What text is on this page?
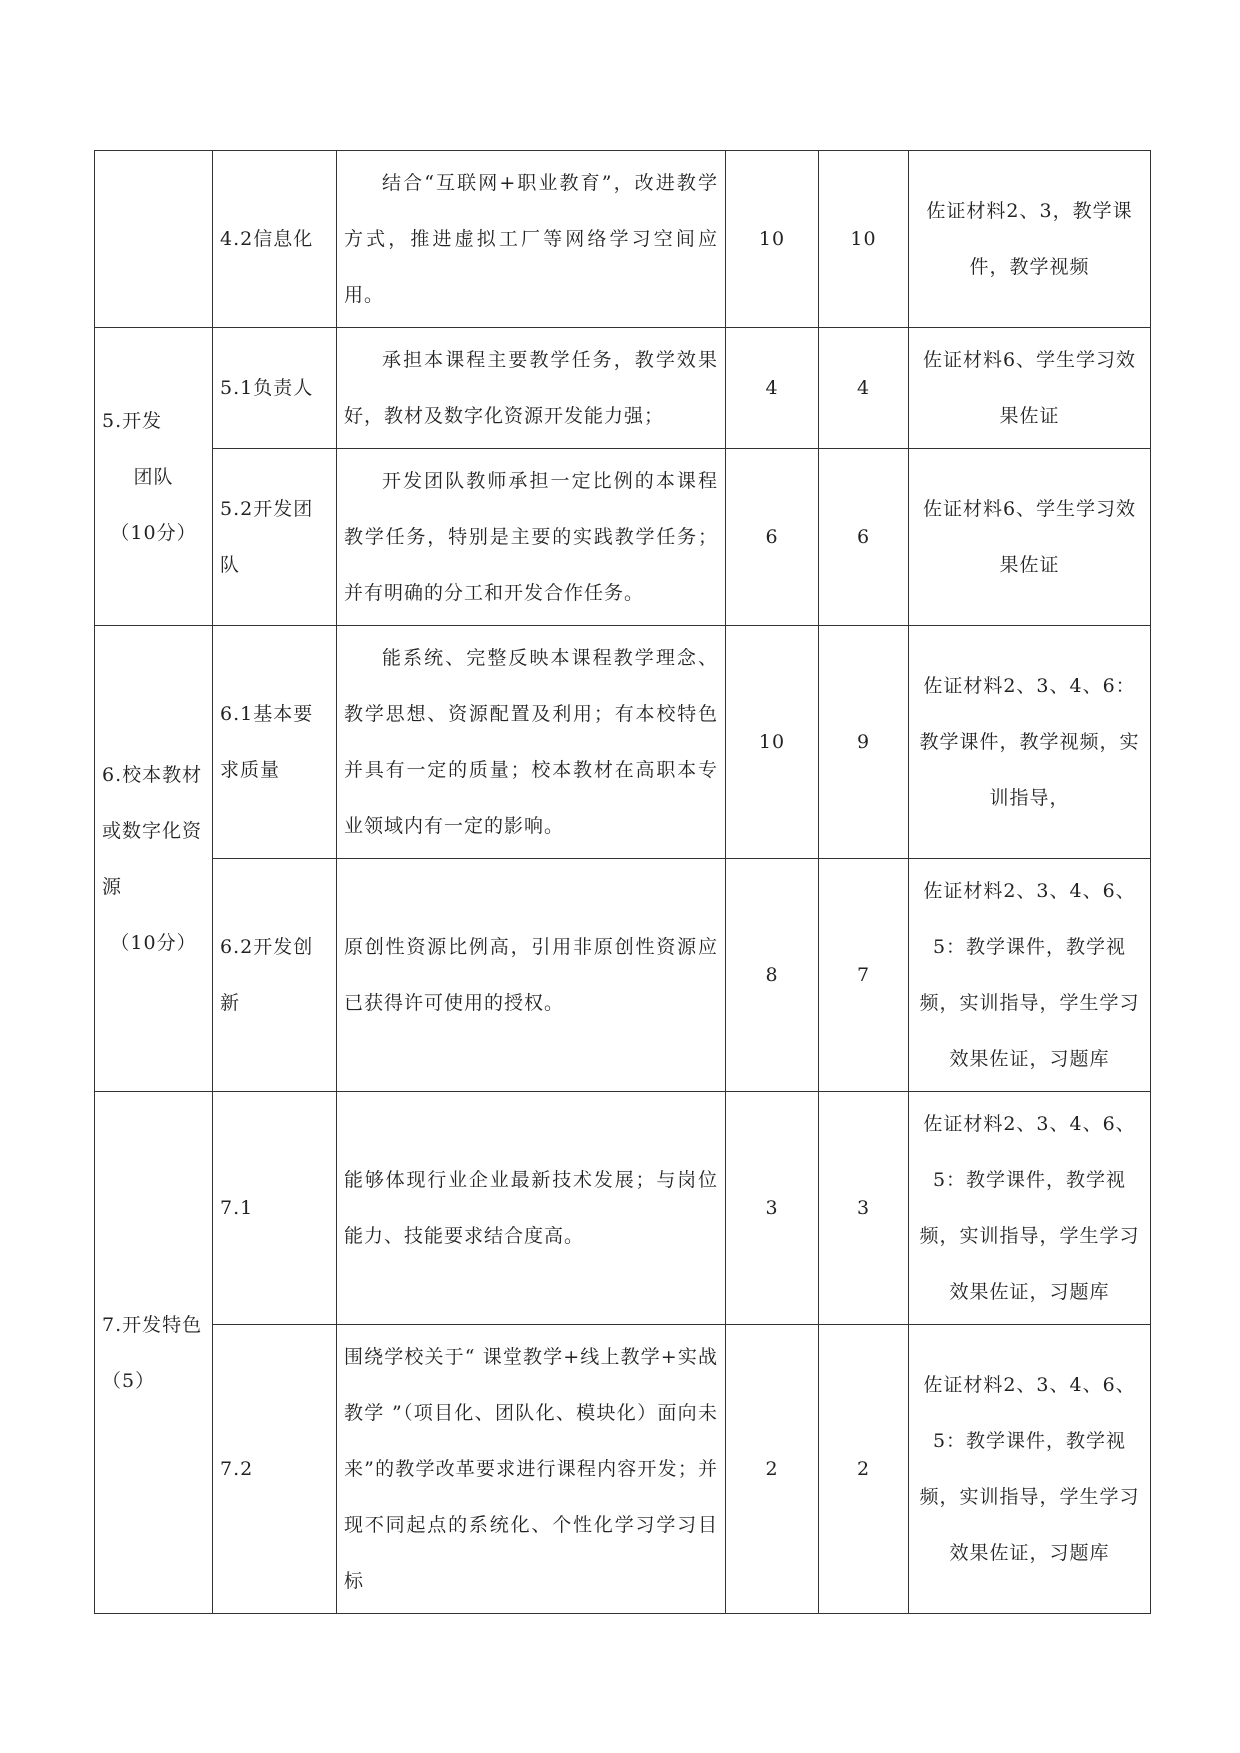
	4.2信息化	结合“互联网+职业教育”，改进教学方式，推进虚拟工厂等网络学习空间应用。	10	10	佐证材料2、3，教学课件，教学视频
5.开发
团队
（10分）	5.1负责人	承担本课程主要教学任务，教学效果好，教材及数字化资源开发能力强；	4	4	佐证材料6、学生学习效果佐证
	5.2开发团队	开发团队教师承担一定比例的本课程教学任务，特别是主要的实践教学任务；并有明确的分工和开发合作任务。	6	6	佐证材料6、学生学习效果佐证
6.校本教材或数字化资源
（10分）	6.1基本要求质量	能系统、完整反映本课程教学理念、教学思想、资源配置及利用；有本校特色并具有一定的质量；校本教材在高职本专业领域内有一定的影响。	10	9	佐证材料2、3、4、6：教学课件，教学视频，实训指导，
	6.2开发创新	原创性资源比例高，引用非原创性资源应已获得许可使用的授权。	8	7	佐证材料2、3、4、6、5：教学课件，教学视频，实训指导，学生学习效果佐证，习题库
7.开发特色（5）	7.1	能够体现行业企业最新技术发展；与岗位能力、技能要求结合度高。	3	3	佐证材料2、3、4、6、5：教学课件，教学视频，实训指导，学生学习效果佐证，习题库
	7.2	围绕学校关于“ 课堂教学+线上教学+实战教学 ”（项目化、团队化、模块化）面向未来”的教学改革要求进行课程内容开发；并现不同起点的系统化、个性化学习学习目标	2	2	佐证材料2、3、4、6、5：教学课件，教学视频，实训指导，学生学习效果佐证，习题库
